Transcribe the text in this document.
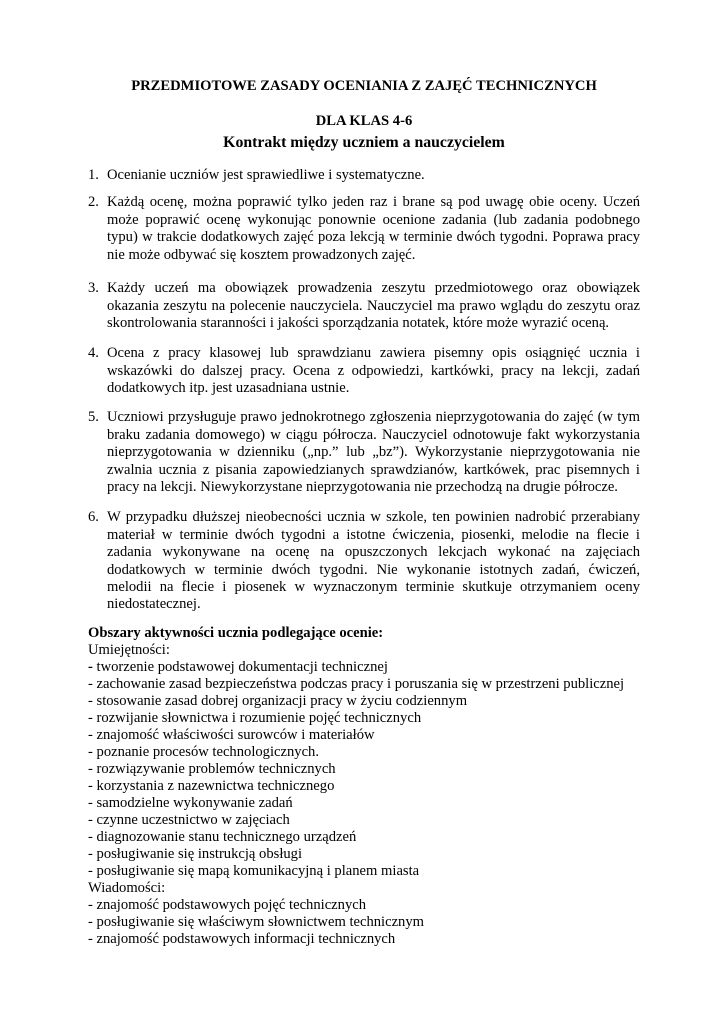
PRZEDMIOTOWE ZASADY OCENIANIA Z ZAJĘĆ TECHNICZNYCH
DLA KLAS 4-6
Kontrakt między uczniem a nauczycielem
1. Ocenianie uczniów jest sprawiedliwe i systematyczne.
2. Każdą ocenę, można poprawić tylko jeden raz i brane są pod uwagę obie oceny. Uczeń może poprawić ocenę wykonując ponownie ocenione zadania (lub zadania podobnego typu) w trakcie dodatkowych zajęć poza lekcją w terminie dwóch tygodni. Poprawa pracy nie może odbywać się kosztem prowadzonych zajęć.
3. Każdy uczeń ma obowiązek prowadzenia zeszytu przedmiotowego oraz obowiązek okazania zeszytu na polecenie nauczyciela. Nauczyciel ma prawo wglądu do zeszytu oraz skontrolowania staranności i jakości sporządzania notatek, które może wyrazić oceną.
4. Ocena z pracy klasowej lub sprawdzianu zawiera pisemny opis osiągnięć ucznia i wskazówki do dalszej pracy. Ocena z odpowiedzi, kartkówki, pracy na lekcji, zadań dodatkowych itp. jest uzasadniana ustnie.
5. Uczniowi przysługuje prawo jednokrotnego zgłoszenia nieprzygotowania do zajęć (w tym braku zadania domowego) w ciągu półrocza. Nauczyciel odnotowuje fakt wykorzystania nieprzygotowania w dzienniku („np.” lub „bz”). Wykorzystanie nieprzygotowania nie zwalnia ucznia z pisania zapowiedzianych sprawdzianów, kartkówek, prac pisemnych i pracy na lekcji. Niewykorzystane nieprzygotowania nie przechodzą na drugie półrocze.
6. W przypadku dłuższej nieobecności ucznia w szkole, ten powinien nadrobić przerabiany materiał w terminie dwóch tygodni a istotne ćwiczenia, piosenki, melodie na flecie i zadania wykonywane na ocenę na opuszczonych lekcjach wykonać na zajęciach dodatkowych w terminie dwóch tygodni. Nie wykonanie istotnych zadań, ćwiczeń, melodii na flecie i piosenek w wyznaczonym terminie skutkuje otrzymaniem oceny niedostatecznej.
Obszary aktywności ucznia podlegające ocenie:
Umiejętności:
- tworzenie podstawowej dokumentacji technicznej
- zachowanie zasad bezpieczeństwa podczas pracy i poruszania się w przestrzeni publicznej
- stosowanie zasad dobrej organizacji pracy w życiu codziennym
- rozwijanie słownictwa i rozumienie pojęć technicznych
- znajomość właściwości surowców i materiałów
- poznanie procesów technologicznych.
- rozwiązywanie problemów technicznych
- korzystania z nazewnictwa technicznego
- samodzielne wykonywanie zadań
- czynne uczestnictwo w zajęciach
- diagnozowanie stanu technicznego urządzeń
- posługiwanie się instrukcją obsługi
- posługiwanie się mapą komunikacyjną i planem miasta
Wiadomości:
- znajomość podstawowych pojęć technicznych
- posługiwanie się właściwym słownictwem technicznym
- znajomość podstawowych informacji technicznych
